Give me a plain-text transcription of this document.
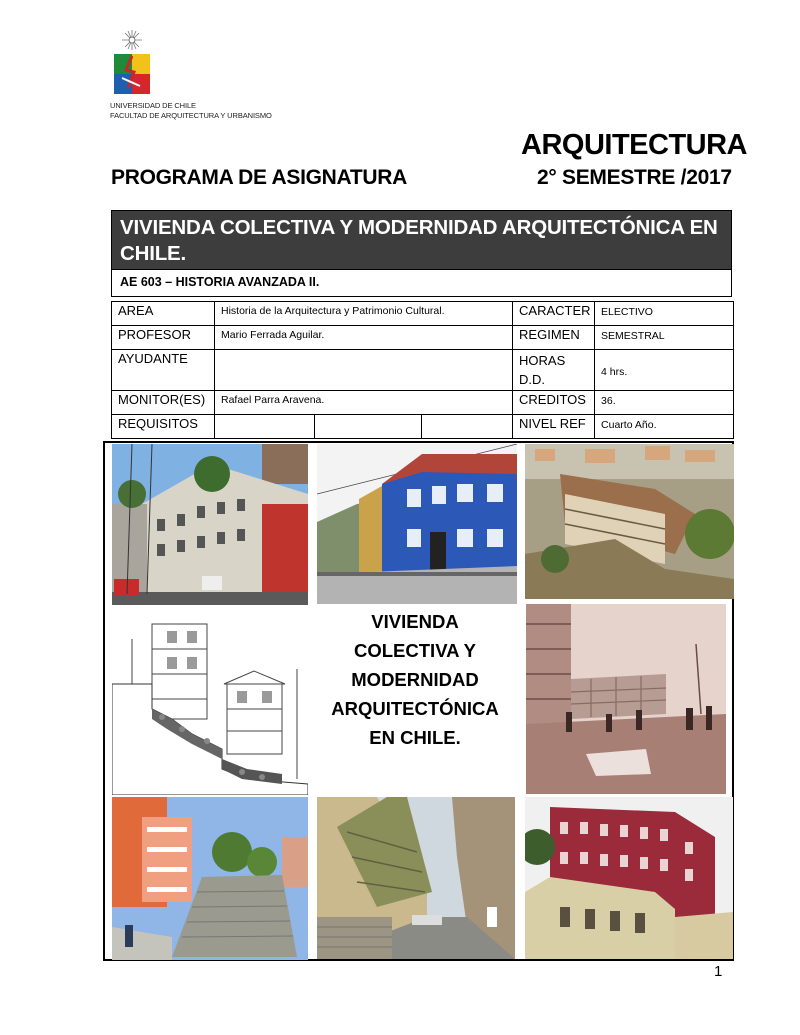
UNIVERSIDAD DE CHILE
FACULTAD DE ARQUITECTURA Y URBANISMO
PROGRAMA DE ASIGNATURA
ARQUITECTURA
2° SEMESTRE /2017
VIVIENDA COLECTIVA Y MODERNIDAD ARQUITECTÓNICA EN CHILE.
AE 603 – HISTORIA AVANZADA II.
AREA	Historia de la Arquitectura y Patrimonio Cultural.			CARACTER	ELECTIVO
PROFESOR	Mario Ferrada Aguilar.			REGIMEN	SEMESTRAL
AYUDANTE				HORAS D.D.	4 hrs.
MONITOR(ES)	Rafael Parra Aravena.			CREDITOS	36.
REQUISITOS				NIVEL REF	Cuarto Año.
VIVIENDA
COLECTIVA Y
MODERNIDAD
ARQUITECTÓNICA
EN CHILE.
1
